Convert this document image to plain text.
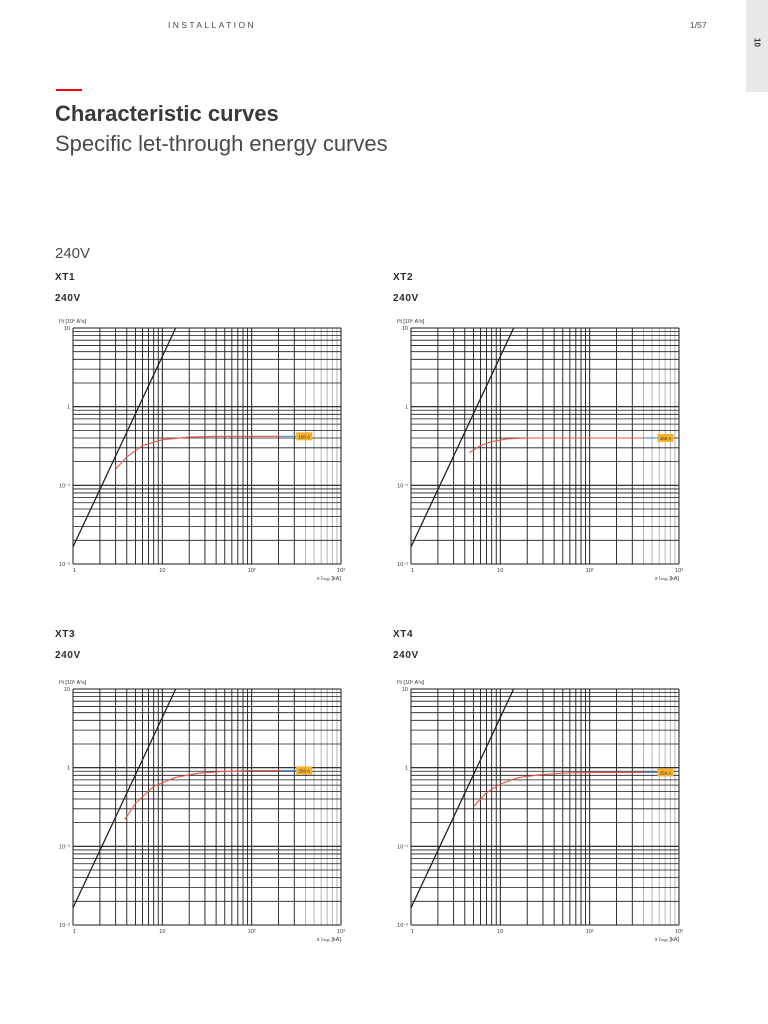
10
INSTALLATION	1/57
Characteristic curves
Specific let-through energy curves
240V
XT1
240V
I²t [10⁶ A²s]
x Iₘₐₓ [kA]
10⁻²
10⁻¹
1
10
1	10	10²	10³
160 A
XT2
240V
I²t [10⁶ A²s]
x Iₘₐₓ [kA]
10⁻²
10⁻¹
1
10
1	10	10²	10³
160 A
XT3
240V
I²t [10⁶ A²s]
x Iₘₐₓ [kA]
10⁻²
10⁻¹
1
10
1	10	10²	10³
250 A
XT4
240V
I²t [10⁶ A²s]
x Iₘₐₓ [kA]
10⁻²
10⁻¹
1
10
1	10	10²	10³
250 A
